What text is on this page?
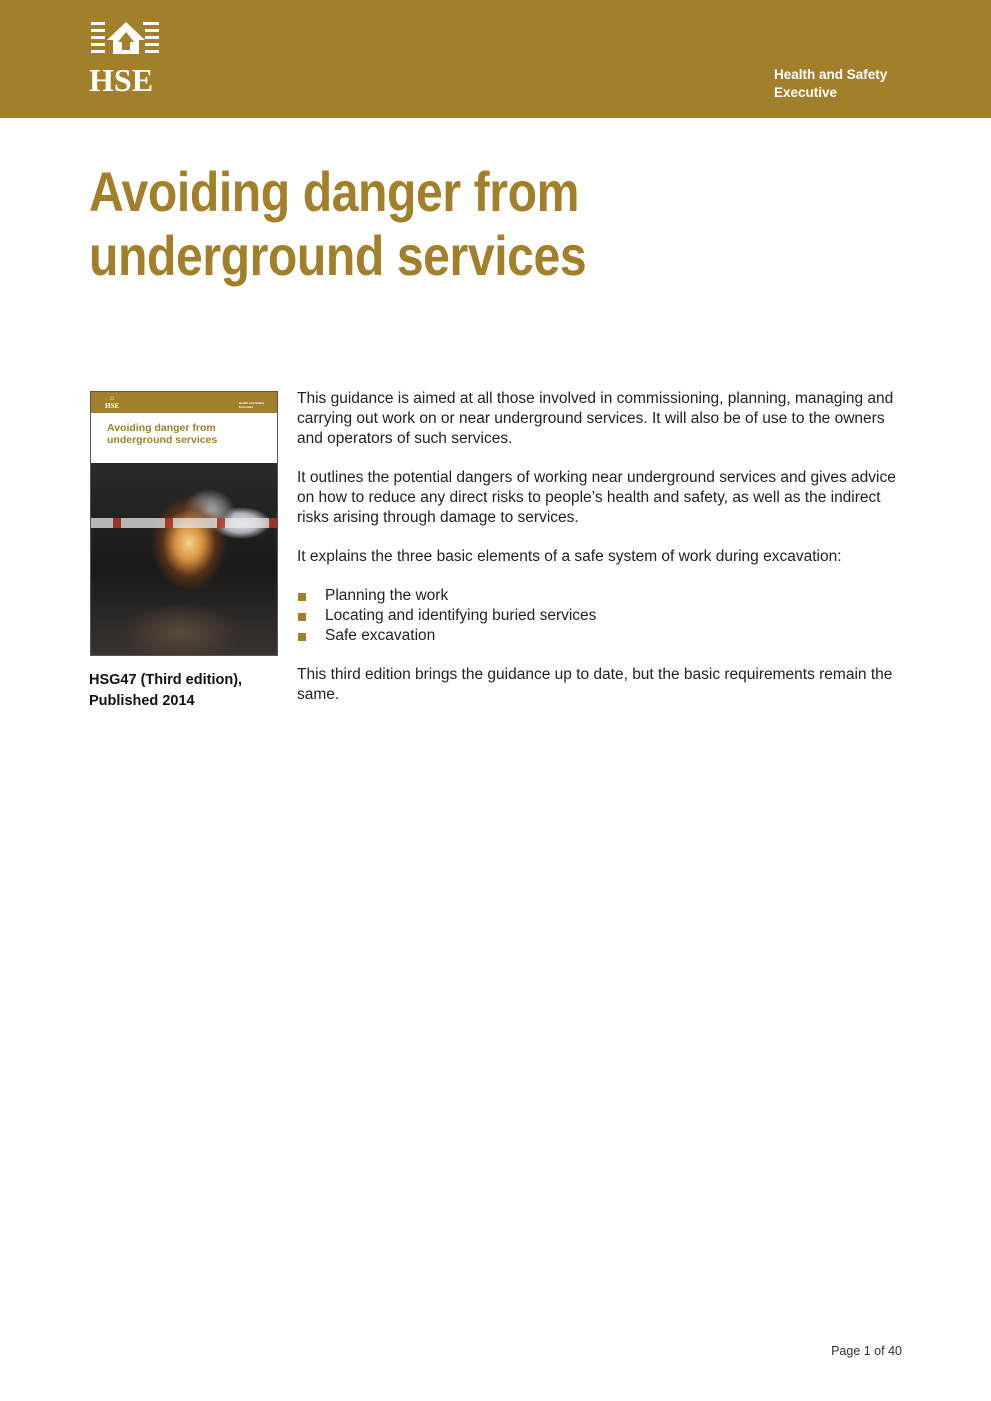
HSE	Health and Safety
Executive
Avoiding danger from
underground services
⌂
HSE	Health and Safety Executive
Avoiding danger from
underground services

HSG47 (Third edition),
Published 2014

This guidance is aimed at all those involved in commissioning, planning, managing and carrying out work on or near underground services. It will also be of use to the owners and operators of such services.

It outlines the potential dangers of working near underground services and gives advice on how to reduce any direct risks to people’s health and safety, as well as the indirect risks arising through damage to services.

It explains the three basic elements of a safe system of work during excavation:

Planning the work
Locating and identifying buried services
Safe excavation

This third edition brings the guidance up to date, but the basic requirements remain the same.

Page 1 of 40
